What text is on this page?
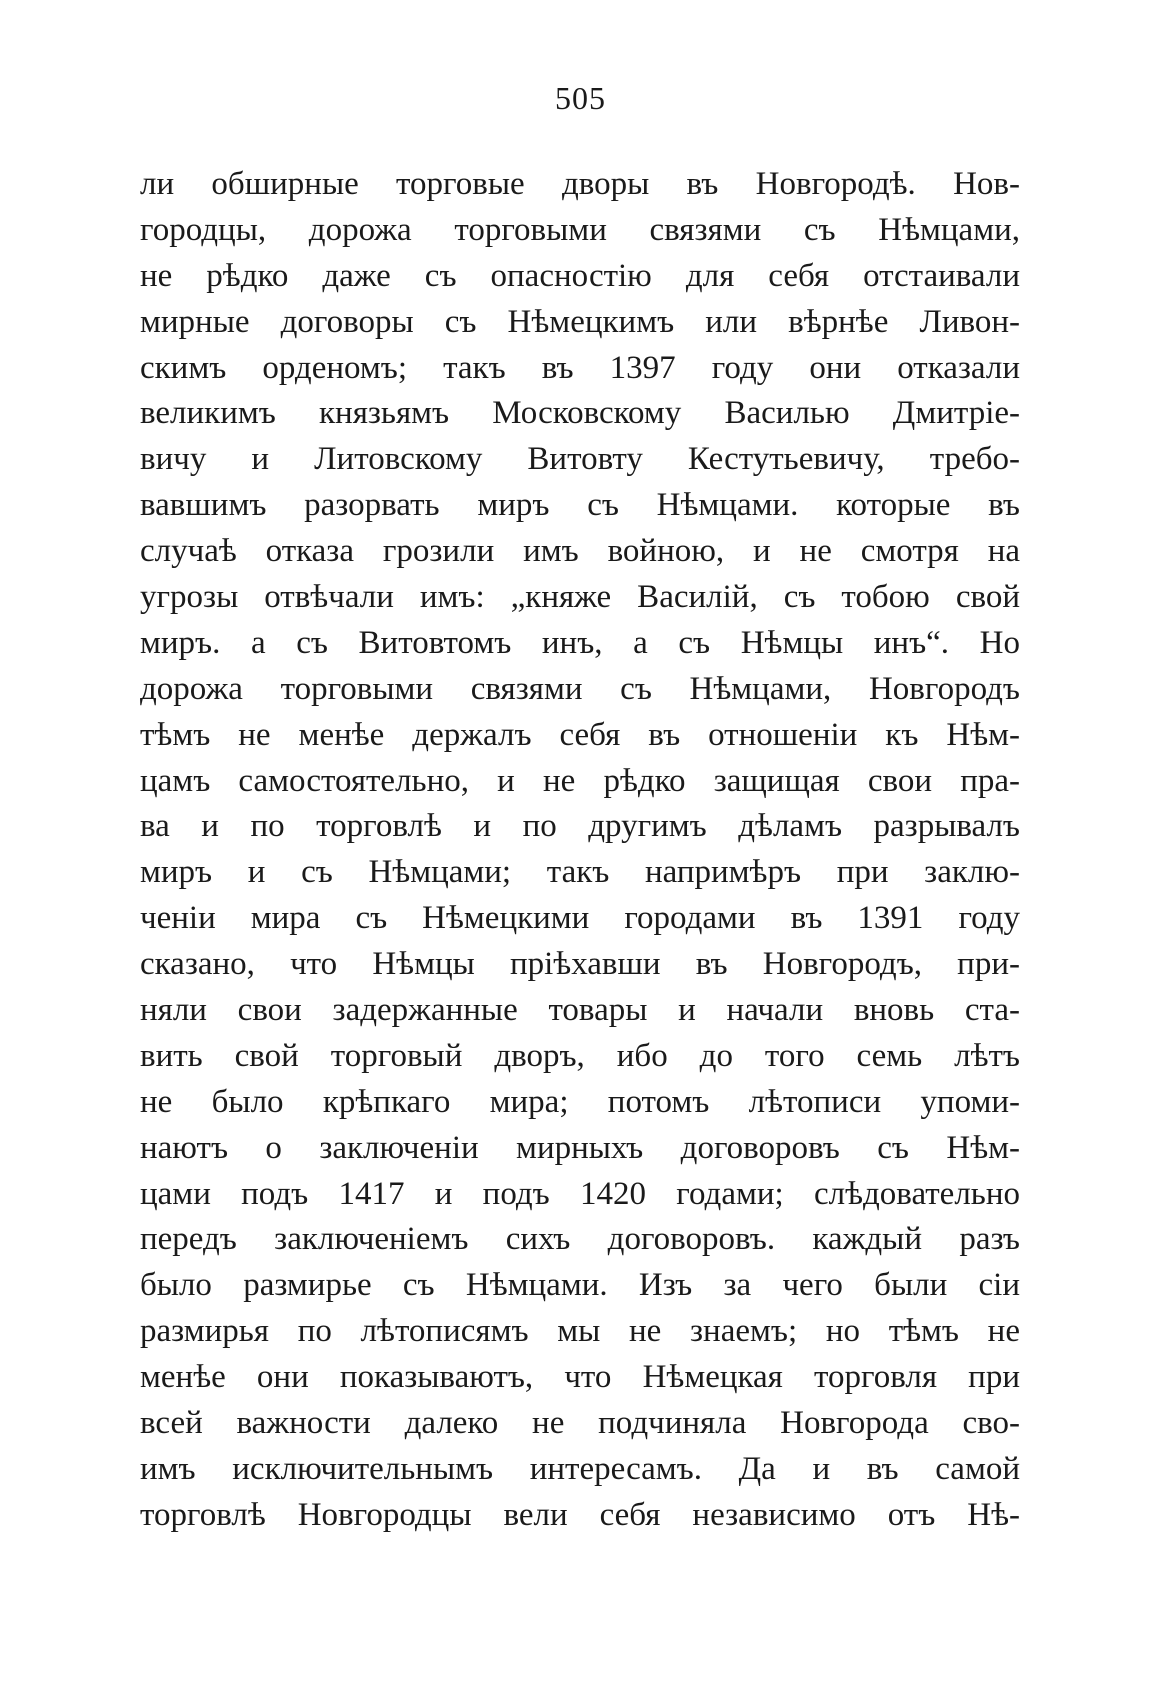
505
ли обширные торговые дворы въ Новгородѣ. Нов-
городцы, дорожа торговыми связями съ Нѣмцами,
не рѣдко даже съ опасностію для себя отстаивали
мирные договоры съ Нѣмецкимъ или вѣрнѣе Ливон-
скимъ орденомъ; такъ въ 1397 году они отказали
великимъ князьямъ Московскому Василью Дмитріе-
вичу и Литовскому Витовту Кестутьевичу, требо-
вавшимъ разорвать миръ съ Нѣмцами. которые въ
случаѣ отказа грозили имъ войною, и не смотря на
угрозы отвѣчали имъ: „княже Василій, съ тобою свой
миръ. а съ Витовтомъ инъ, а съ Нѣмцы инъ“. Но
дорожа торговыми связями съ Нѣмцами, Новгородъ
тѣмъ не менѣе держалъ себя въ отношеніи къ Нѣм-
цамъ самостоятельно, и не рѣдко защищая свои пра-
ва и по торговлѣ и по другимъ дѣламъ разрывалъ
миръ и съ Нѣмцами; такъ напримѣръ при заклю-
ченіи мира съ Нѣмецкими городами въ 1391 году
сказано, что Нѣмцы пріѣхавши въ Новгородъ, при-
няли свои задержанные товары и начали вновь ста-
вить свой торговый дворъ, ибо до того семь лѣтъ
не было крѣпкаго мира; потомъ лѣтописи упоми-
наютъ о заключеніи мирныхъ договоровъ съ Нѣм-
цами подъ 1417 и подъ 1420 годами; слѣдовательно
передъ заключеніемъ сихъ договоровъ. каждый разъ
было размирье съ Нѣмцами. Изъ за чего были сіи
размирья по лѣтописямъ мы не знаемъ; но тѣмъ не
менѣе они показываютъ, что Нѣмецкая торговля при
всей важности далеко не подчиняла Новгорода сво-
имъ исключительнымъ интересамъ. Да и въ самой
торговлѣ Новгородцы вели себя независимо отъ Нѣ-
